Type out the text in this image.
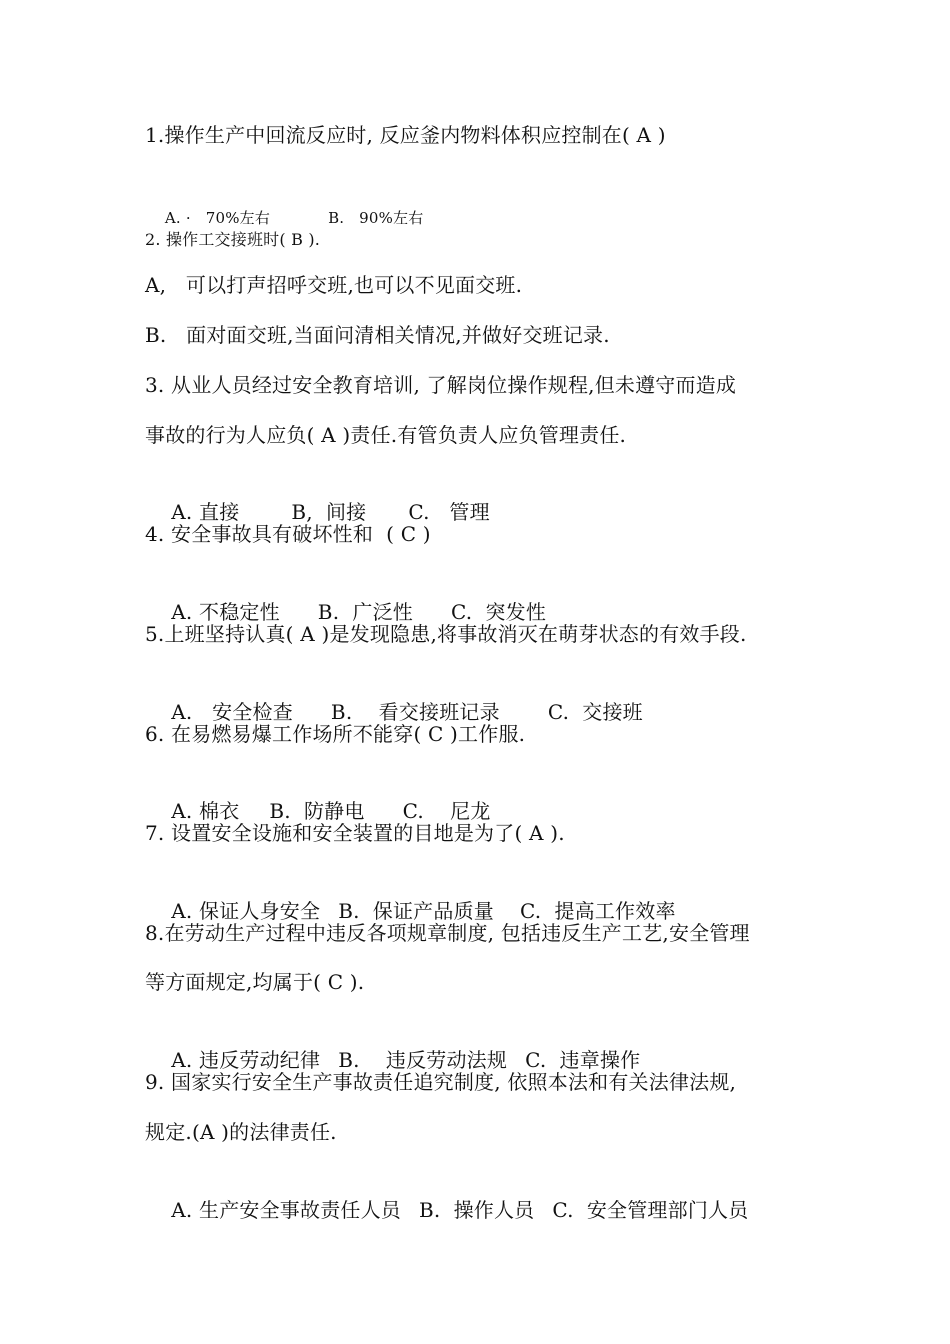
1.操作生产中回流反应时, 反应釜内物料体积应控制在( A )

A. ·   70%左右	B.   90%左右

2. 操作工交接班时( B ).
A,   可以打声招呼交班,也可以不见面交班.
B.   面对面交班,当面问清相关情况,并做好交班记录.
3. 从业人员经过安全教育培训, 了解岗位操作规程,但未遵守而造成
事故的行为人应负( A )责任.有管负责人应负管理责任.

A. 直接	B,  间接 C.   管理

4. 安全事故具有破坏性和  ( C )

A. 不稳定性 B.  广泛性 C.  突发性

5.上班坚持认真( A )是发现隐患,将事故消灭在萌芽状态的有效手段.

A.   安全检查 B.    看交接班记录 C.  交接班

6. 在易燃易爆工作场所不能穿( C )工作服.

A. 棉衣 B.  防静电 C.    尼龙

7. 设置安全设施和安全装置的目地是为了( A ).

A. 保证人身安全 B.  保证产品质量 C.  提高工作效率

8.在劳动生产过程中违反各项规章制度, 包括违反生产工艺,安全管理
等方面规定,均属于( C ).

A. 违反劳动纪律 B.    违反劳动法规 C.  违章操作

9. 国家实行安全生产事故责任追究制度, 依照本法和有关法律法规,
规定.(A )的法律责任.

A. 生产安全事故责任人员 B.  操作人员 C.  安全管理部门人员
